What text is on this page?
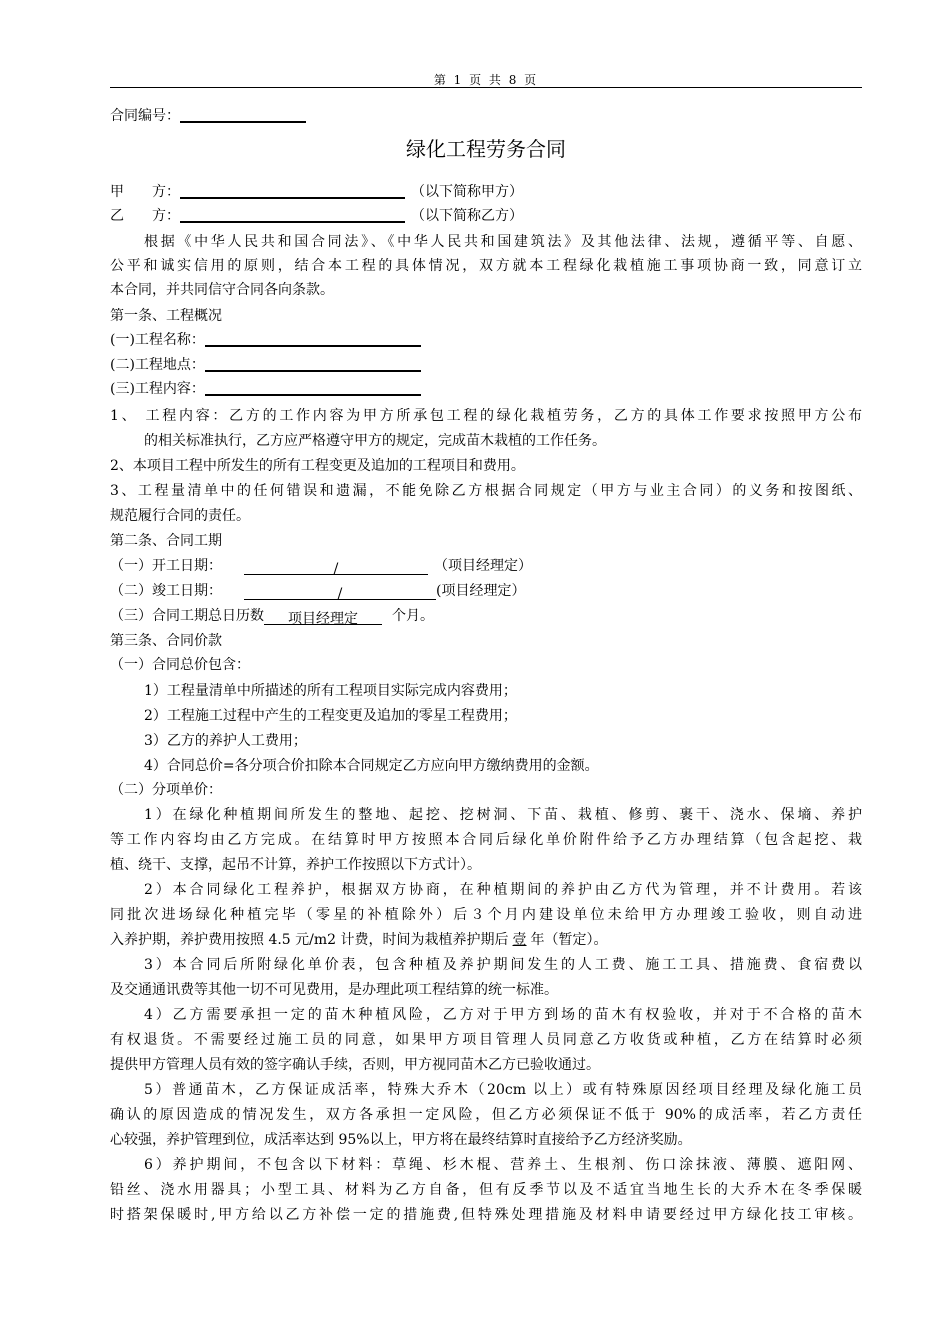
第 1 页 共 8 页
合同编号：
绿化工程劳务合同
甲　　方：	（以下简称甲方）
乙　　方：	（以下简称乙方）
根据《中华人民共和国合同法》、《中华人民共和国建筑法》及其他法律、法规，遵循平等、自愿、
公平和诚实信用的原则，结合本工程的具体情况，双方就本工程绿化栽植施工事项协商一致，同意订立
本合同，并共同信守合同各向条款。
第一条、工程概况
(一)工程名称：
(二)工程地点：
(三)工程内容：
1、 工程内容：乙方的工作内容为甲方所承包工程的绿化栽植劳务，乙方的具体工作要求按照甲方公布
的相关标准执行，乙方应严格遵守甲方的规定，完成苗木栽植的工作任务。
2、本项目工程中所发生的所有工程变更及追加的工程项目和费用。
3、工程量清单中的任何错误和遗漏，不能免除乙方根据合同规定（甲方与业主合同）的义务和按图纸、
规范履行合同的责任。
第二条、合同工期
（一）开工日期：	/	（项目经理定）
（二）竣工日期：	/	(项目经理定）
（三）合同工期总日历数 项目经理定 个月。
第三条、合同价款
（一）合同总价包含：
1）工程量清单中所描述的所有工程项目实际完成内容费用；
2）工程施工过程中产生的工程变更及追加的零星工程费用；
3）乙方的养护人工费用；
4）合同总价=各分项合价扣除本合同规定乙方应向甲方缴纳费用的金额。
（二）分项单价：
1）在绿化种植期间所发生的整地、起挖、挖树洞、下苗、栽植、修剪、裹干、浇水、保墒、养护
等工作内容均由乙方完成。在结算时甲方按照本合同后绿化单价附件给予乙方办理结算（包含起挖、栽
植、绕干、支撑，起吊不计算，养护工作按照以下方式计）。
2）本合同绿化工程养护，根据双方协商，在种植期间的养护由乙方代为管理，并不计费用。若该
同批次进场绿化种植完毕（零星的补植除外）后３个月内建设单位未给甲方办理竣工验收，则自动进
入养护期，养护费用按照 4.5 元/m2 计费，时间为栽植养护期后 壹 年（暂定）。
3）本合同后所附绿化单价表，包含种植及养护期间发生的人工费、施工工具、措施费、食宿费以
及交通通讯费等其他一切不可见费用，是办理此项工程结算的统一标准。
4）乙方需要承担一定的苗木种植风险，乙方对于甲方到场的苗木有权验收，并对于不合格的苗木
有权退货。不需要经过施工员的同意，如果甲方项目管理人员同意乙方收货或种植，乙方在结算时必须
提供甲方管理人员有效的签字确认手续，否则，甲方视同苗木乙方已验收通过。
5）普通苗木，乙方保证成活率，特殊大乔木（20cm 以上）或有特殊原因经项目经理及绿化施工员
确认的原因造成的情况发生，双方各承担一定风险，但乙方必须保证不低于 90%的成活率，若乙方责任
心较强，养护管理到位，成活率达到 95%以上，甲方将在最终结算时直接给予乙方经济奖励。
6）养护期间，不包含以下材料：草绳、杉木棍、营养土、生根剂、伤口涂抹液、薄膜、遮阳网、
铅丝、浇水用器具；小型工具、材料为乙方自备，但有反季节以及不适宜当地生长的大乔木在冬季保暖
时搭架保暖时,甲方给以乙方补偿一定的措施费,但特殊处理措施及材料申请要经过甲方绿化技工审核。
